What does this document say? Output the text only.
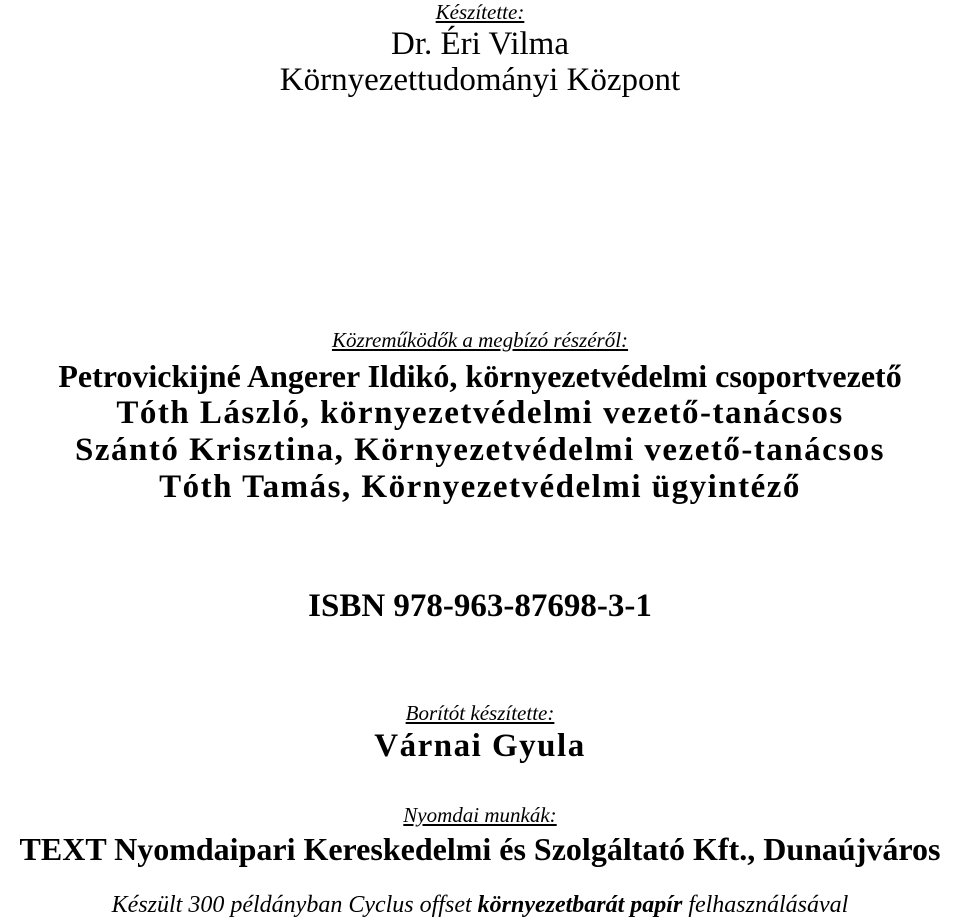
Készítette:
Dr. Éri Vilma
Környezettudományi Központ
Közreműködők a megbízó részéről:
Petrovickijné Angerer Ildikó, környezetvédelmi csoportvezető
Tóth László, környezetvédelmi vezető-tanácsos
Szántó Krisztina, Környezetvédelmi vezető-tanácsos
Tóth Tamás, Környezetvédelmi ügyintéző
ISBN 978-963-87698-3-1
Borítót készítette:
Várnai Gyula
Nyomdai munkák:
TEXT Nyomdaipari Kereskedelmi és Szolgáltató Kft., Dunaújváros
Készült 300 példányban Cyclus offset környezetbarát papír felhasználásával
